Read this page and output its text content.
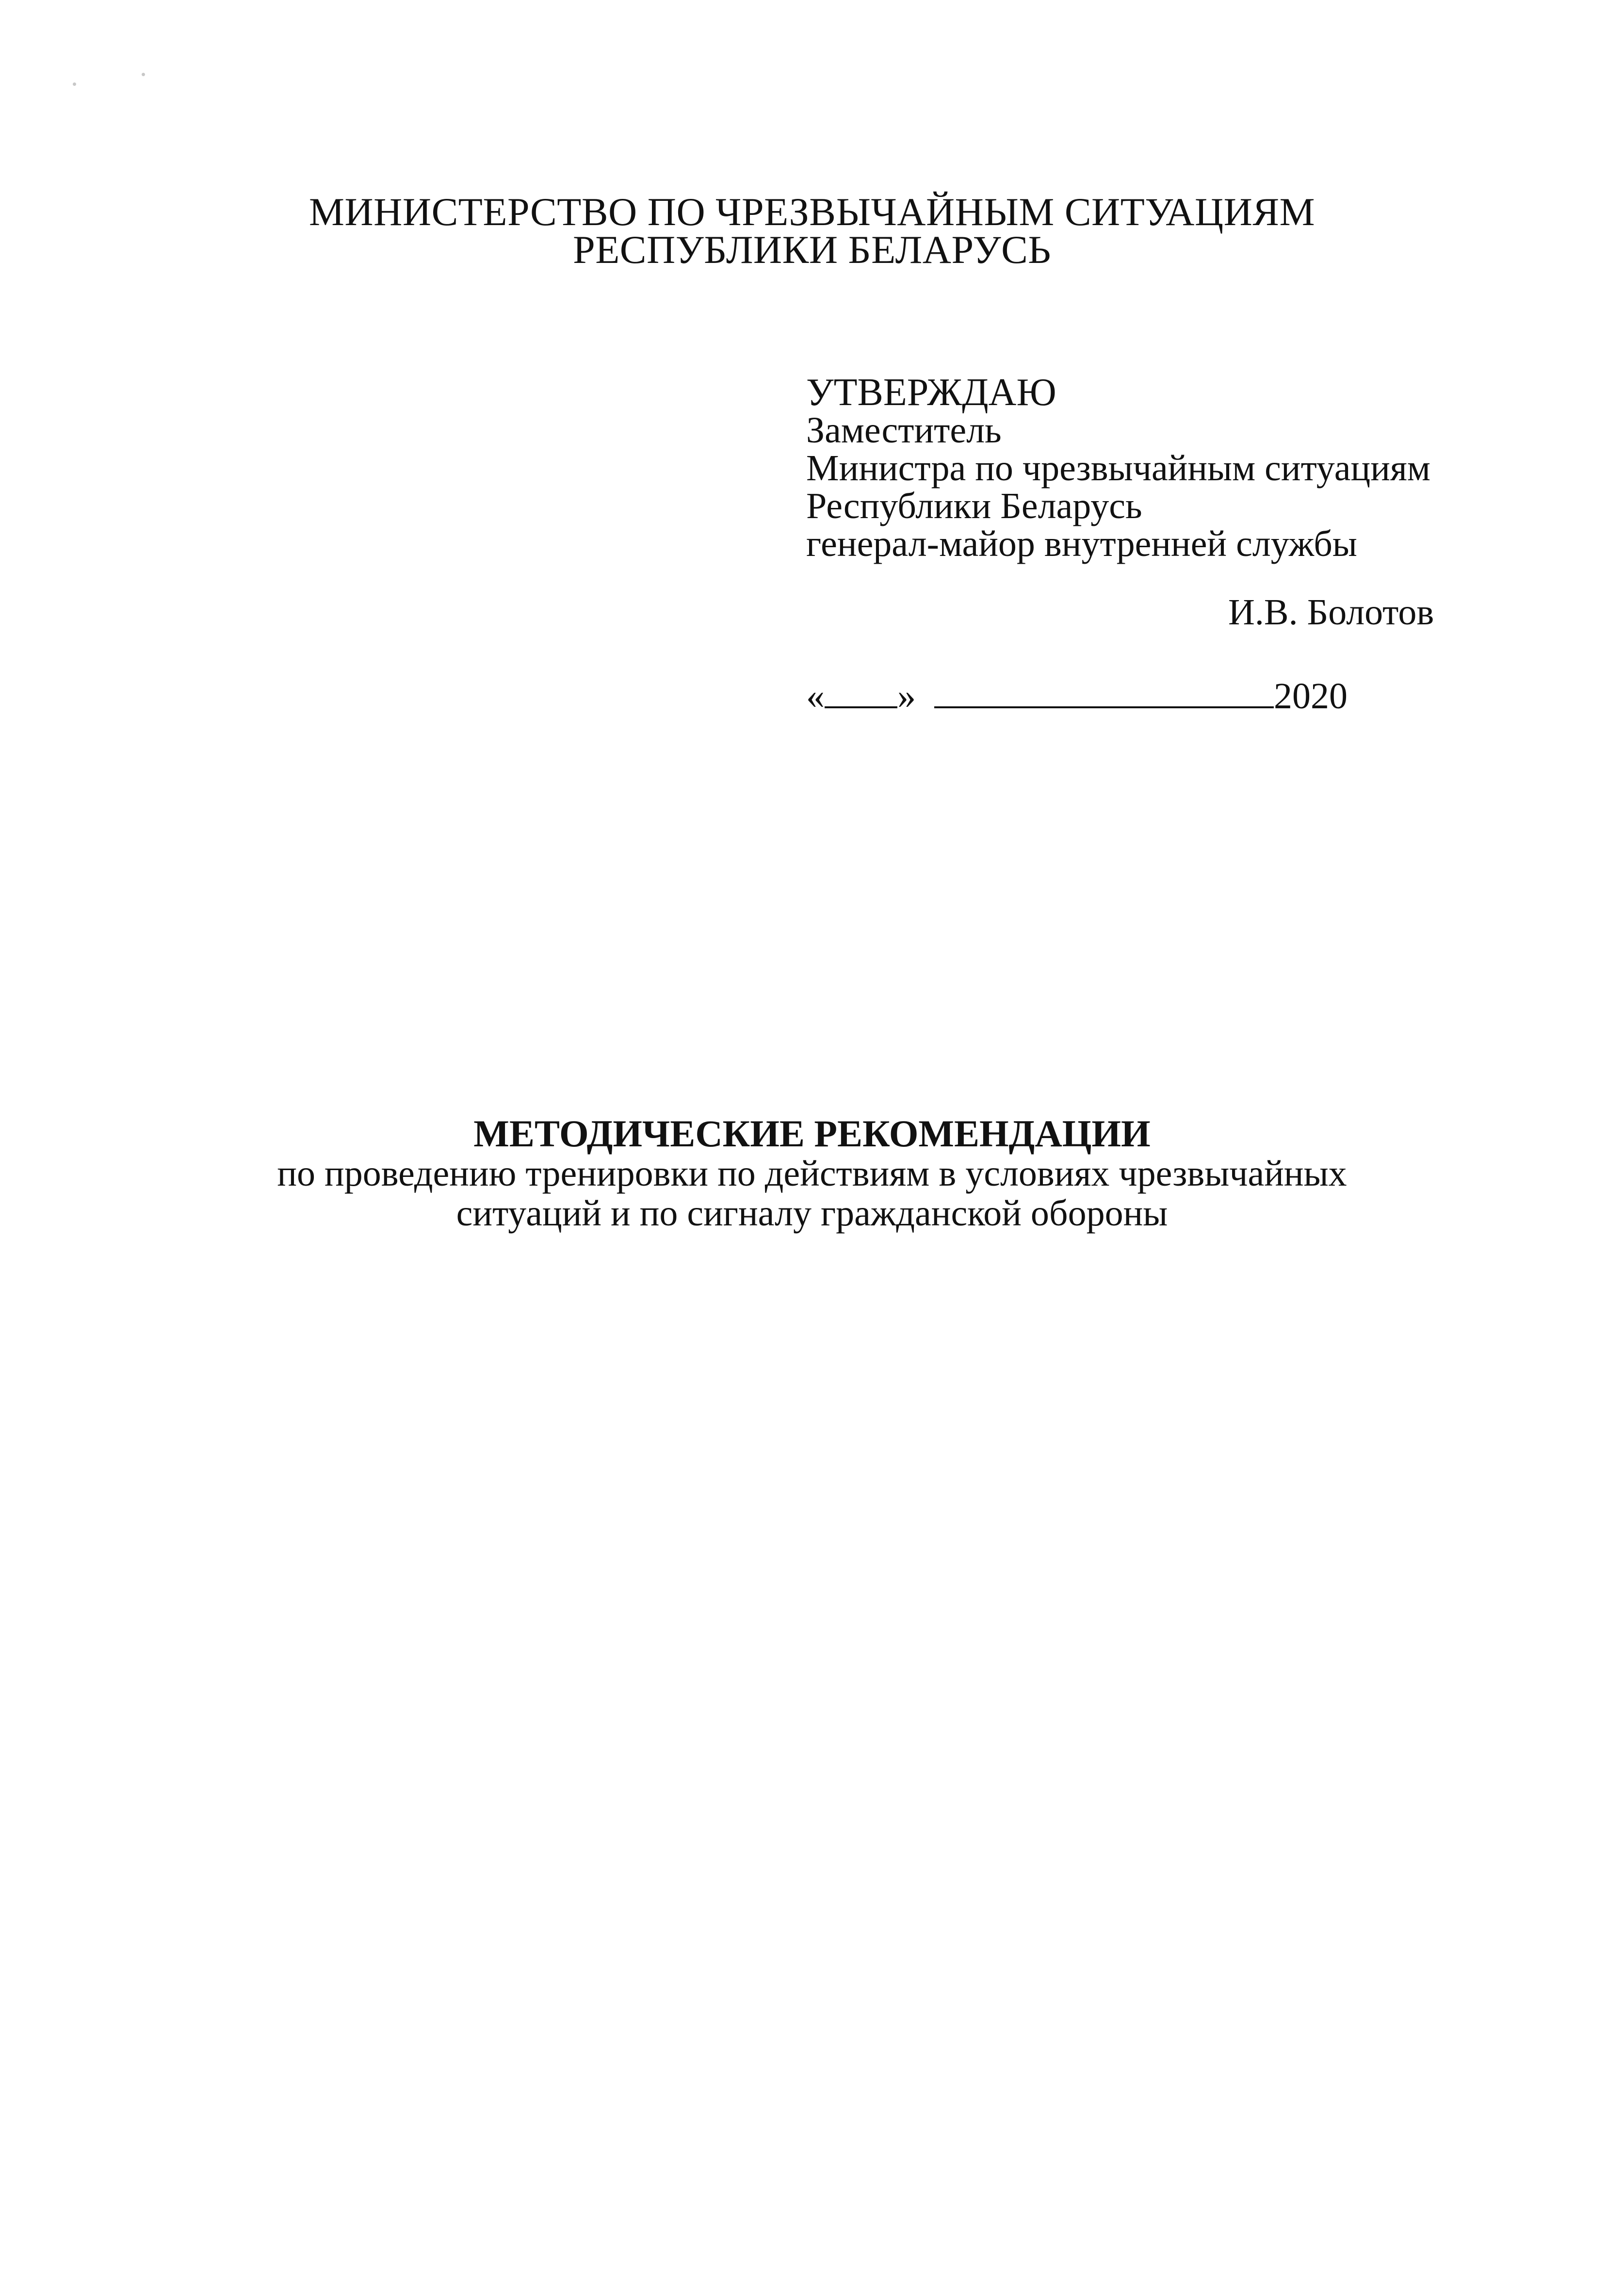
МИНИСТЕРСТВО ПО ЧРЕЗВЫЧАЙНЫМ СИТУАЦИЯМ
РЕСПУБЛИКИ БЕЛАРУСЬ
УТВЕРЖДАЮ
Заместитель
Министра по чрезвычайным ситуациям
Республики Беларусь
генерал-майор внутренней службы
И.В. Болотов
« »	2020
МЕТОДИЧЕСКИЕ РЕКОМЕНДАЦИИ
по проведению тренировки по действиям в условиях чрезвычайных
ситуаций и по сигналу гражданской обороны
